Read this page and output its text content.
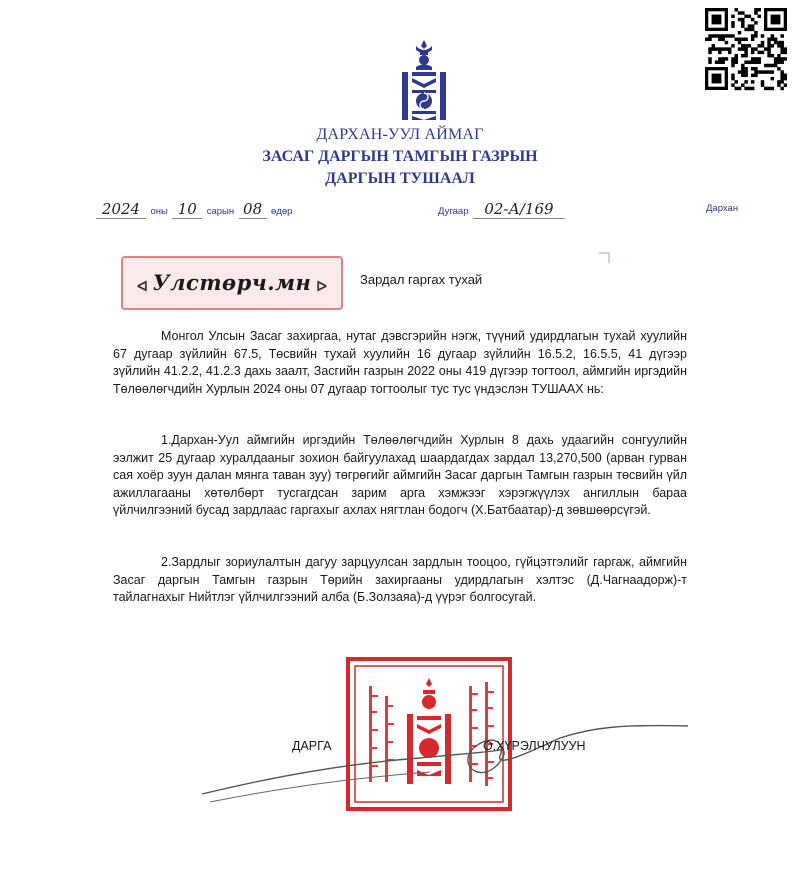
ДАРХАН-УУЛ АЙМАГ
ЗАСАГ ДАРГЫН ТАМГЫН ГАЗРЫН
ДАРГЫН ТУШААЛ
2024 оны 10 сарын 08 өдөр	Дугаар 02-А/169	Дархан
ᐊ Улстөрч.мн ᐅ	Зардал гаргах тухай
Монгол Улсын Засаг захиргаа, нутаг дэвсгэрийн нэгж, түүний удирдлагын тухай хуулийн 67 дугаар зүйлийн 67.5, Төсвийн тухай хуулийн 16 дугаар зүйлийн 16.5.2, 16.5.5, 41 дүгээр зүйлийн 41.2.2, 41.2.3 дахь заалт, Засгийн газрын 2022 оны 419 дүгээр тогтоол, аймгийн иргэдийн Төлөөлөгчдийн Хурлын 2024 оны 07 дугаар тогтоолыг тус тус үндэслэн ТУШААХ нь:
1.Дархан-Уул аймгийн иргэдийн Төлөөлөгчдийн Хурлын 8 дахь удаагийн сонгуулийн ээлжит 25 дугаар хуралдааныг зохион байгуулахад шаардагдах зардал 13,270,500 (арван гурван сая хоёр зуун далан мянга таван зуу) төгрөгийг аймгийн Засаг даргын Тамгын газрын төсвийн үйл ажиллагааны хөтөлбөрт тусгагдсан зарим арга хэмжээг хэрэгжүүлэх ангиллын бараа үйлчилгээний бусад зардлаас гаргахыг ахлах нягтлан бодогч (Х.Батбаатар)-д зөвшөөрсүгэй.
2.Зардлыг зориулалтын дагуу зарцуулсан зардлын тооцоо, гүйцэтгэлийг гаргаж, аймгийн Засаг даргын Тамгын газрын Төрийн захиргааны удирдлагын хэлтэс (Д.Чагнаадорж)-т тайлагнахыг Нийтлэг үйлчилгээний алба (Б.Золзаяа)-д үүрэг болгосугай.
ДАРГА	О.ХҮРЭЛЧУЛУУН
